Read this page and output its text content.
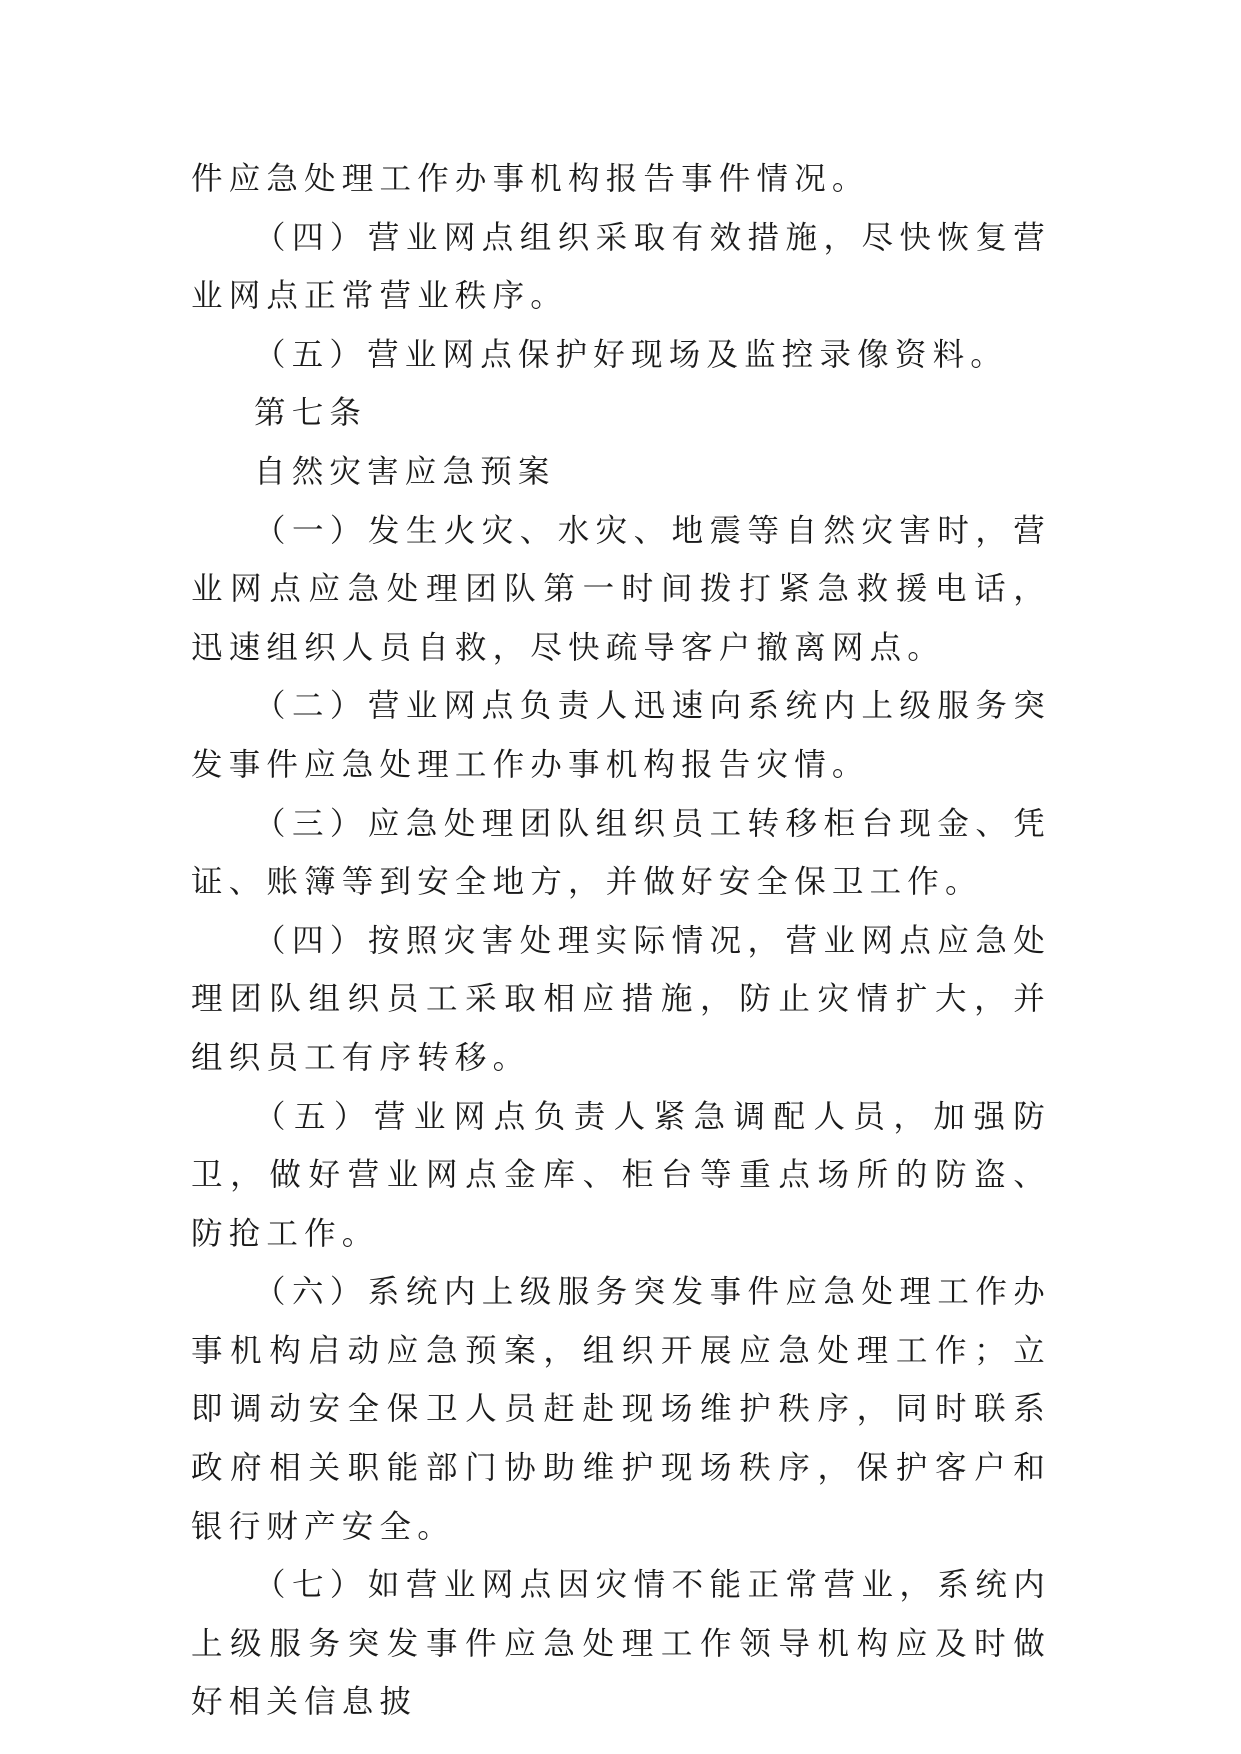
件应急处理工作办事机构报告事件情况。

（四）营业网点组织采取有效措施，尽快恢复营业网点正常营业秩序。

（五）营业网点保护好现场及监控录像资料。

第七条

自然灾害应急预案

（一）发生火灾、水灾、地震等自然灾害时，营业网点应急处理团队第一时间拨打紧急救援电话，迅速组织人员自救，尽快疏导客户撤离网点。

（二）营业网点负责人迅速向系统内上级服务突发事件应急处理工作办事机构报告灾情。

（三）应急处理团队组织员工转移柜台现金、凭证、账簿等到安全地方，并做好安全保卫工作。

（四）按照灾害处理实际情况，营业网点应急处理团队组织员工采取相应措施，防止灾情扩大，并组织员工有序转移。

（五）营业网点负责人紧急调配人员，加强防卫，做好营业网点金库、柜台等重点场所的防盗、防抢工作。

（六）系统内上级服务突发事件应急处理工作办事机构启动应急预案，组织开展应急处理工作；立即调动安全保卫人员赶赴现场维护秩序，同时联系政府相关职能部门协助维护现场秩序，保护客户和银行财产安全。

（七）如营业网点因灾情不能正常营业，系统内上级服务突发事件应急处理工作领导机构应及时做好相关信息披
